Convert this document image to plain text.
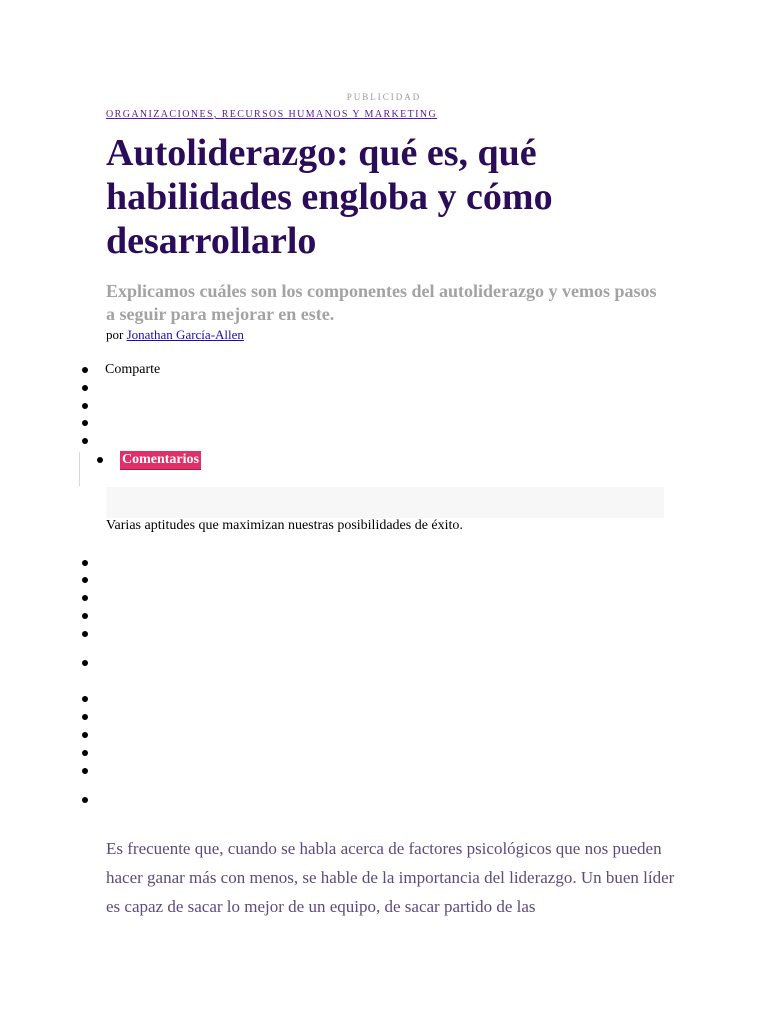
PUBLICIDAD
ORGANIZACIONES, RECURSOS HUMANOS Y MARKETING
Autoliderazgo: qué es, qué habilidades engloba y cómo desarrollarlo

Explicamos cuáles son los componentes del autoliderazgo y vemos pasos a seguir para mejorar en este.

por Jonathan García-Allen
Comparte
Comentarios
Varias aptitudes que maximizan nuestras posibilidades de éxito.

Es frecuente que, cuando se habla acerca de factores psicológicos que nos pueden hacer ganar más con menos, se hable de la importancia del liderazgo. Un buen líder es capaz de sacar lo mejor de un equipo, de sacar partido de las
